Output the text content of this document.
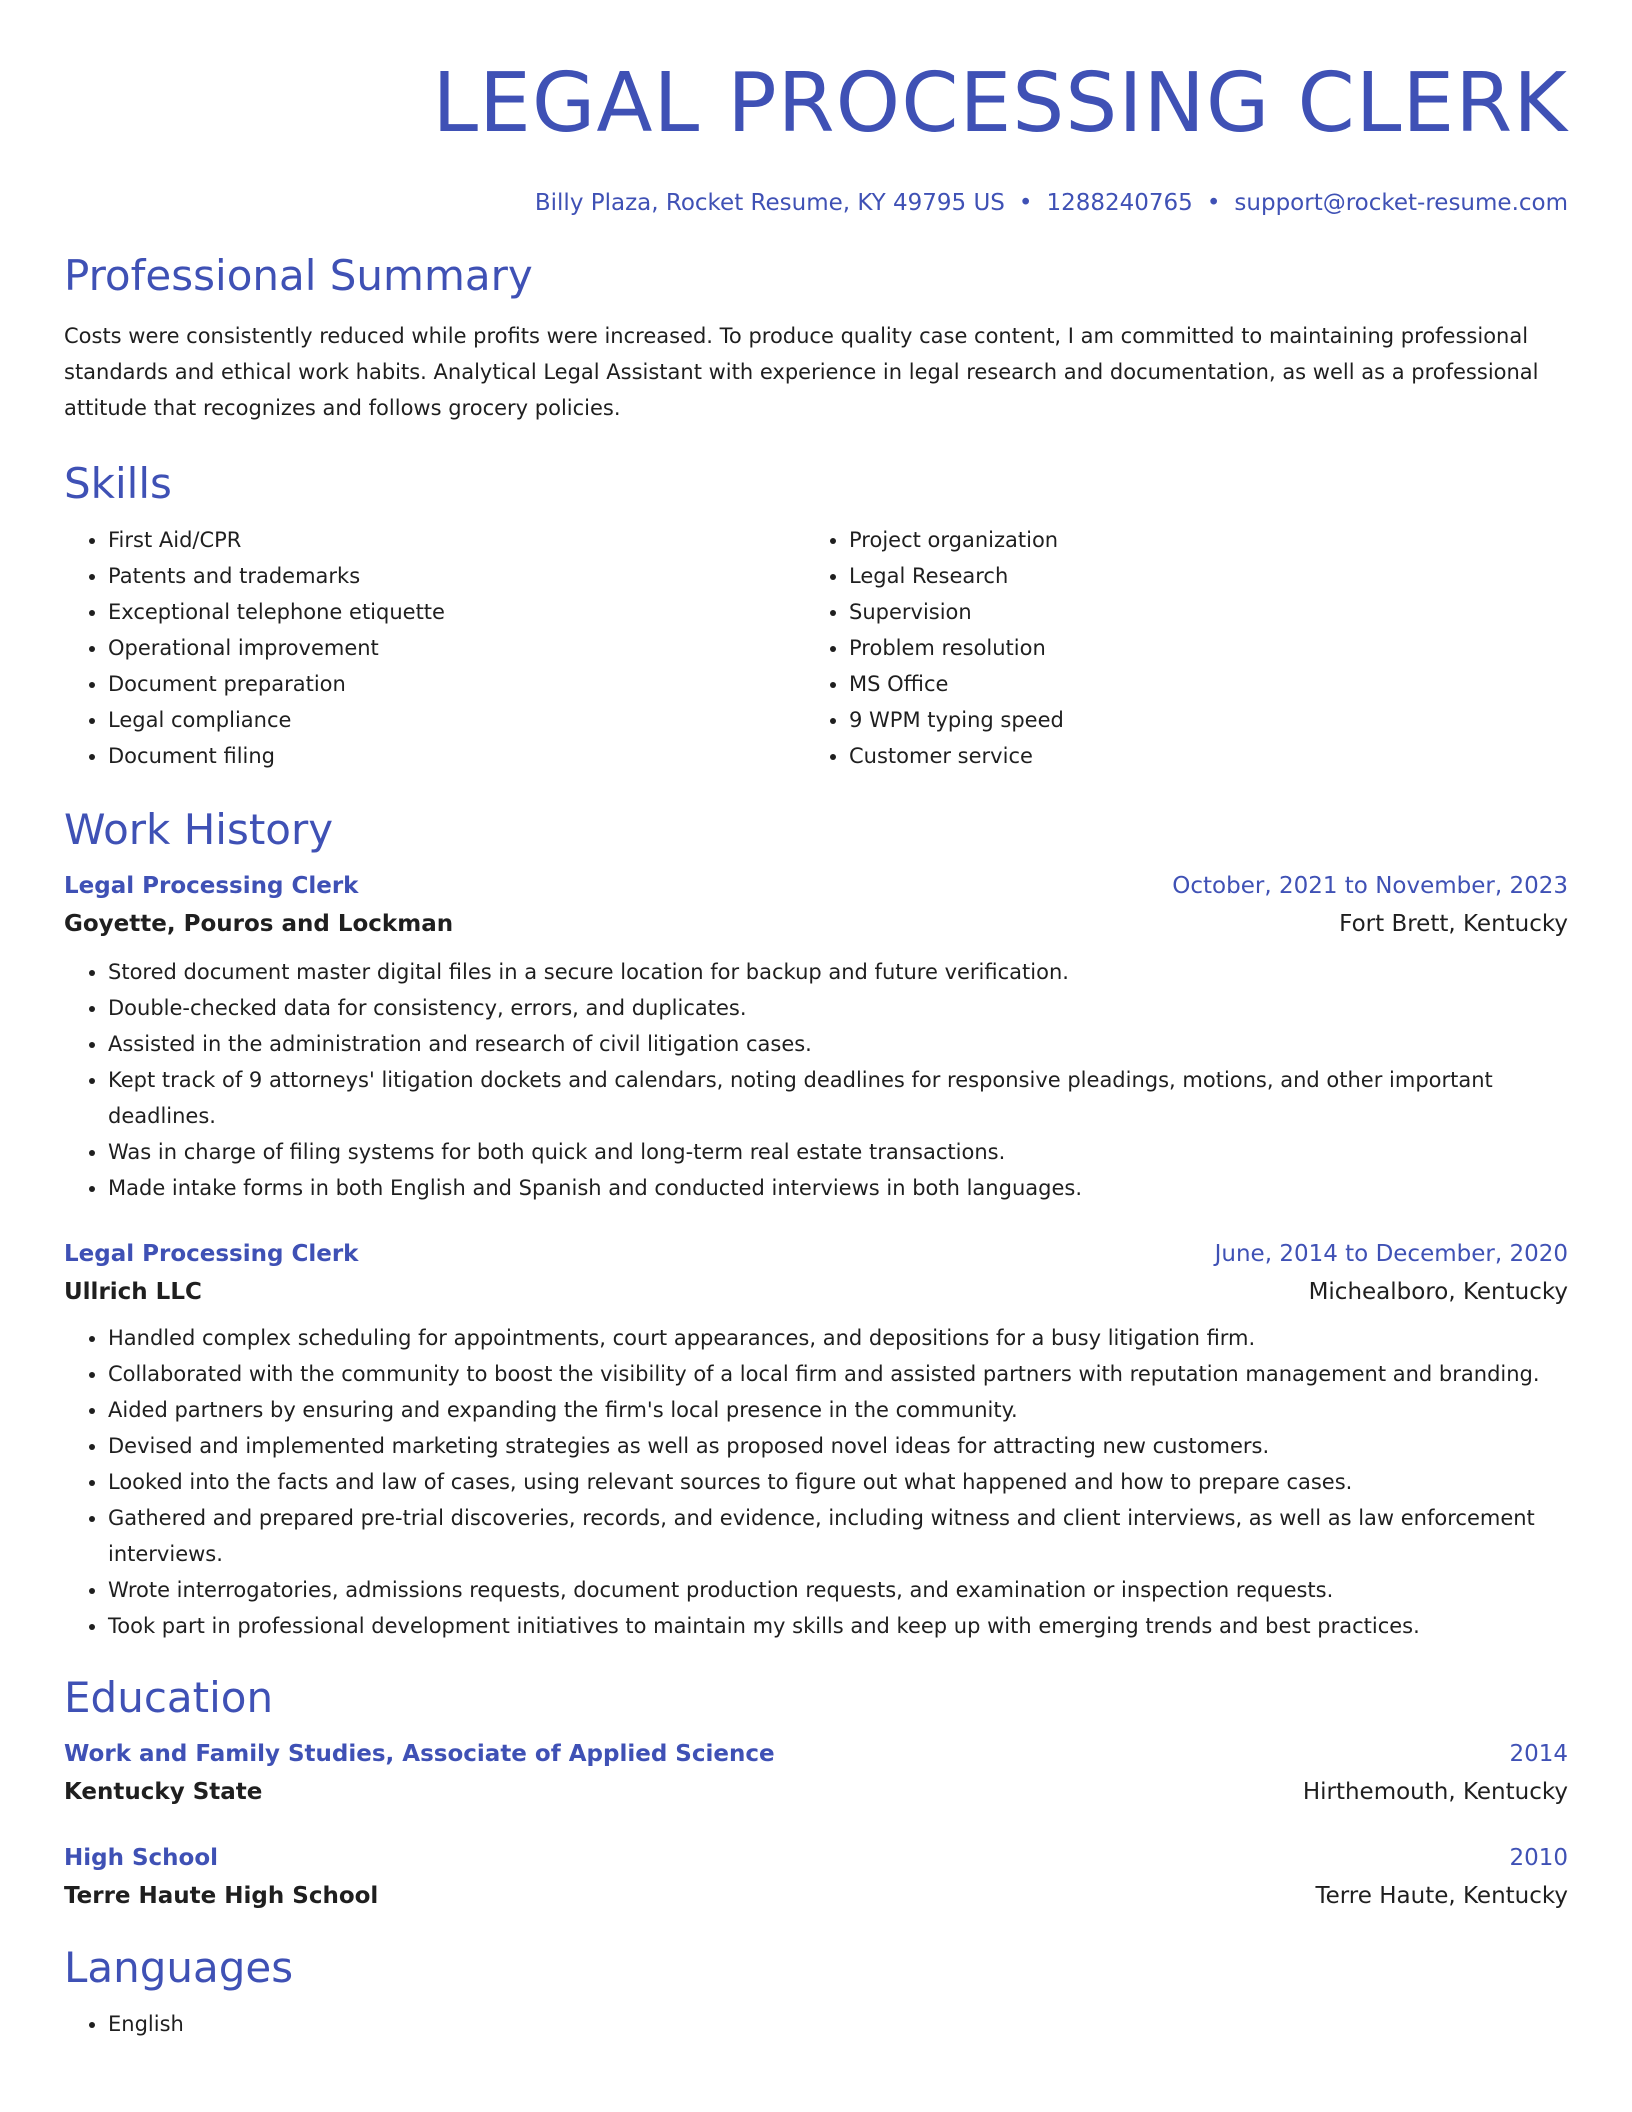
LEGAL PROCESSING CLERK
Billy Plaza, Rocket Resume, KY 49795 US • 1288240765 • support@rocket-resume.com
Professional Summary

Costs were consistently reduced while profits were increased. To produce quality case content, I am committed to maintaining professional standards and ethical work habits. Analytical Legal Assistant with experience in legal research and documentation, as well as a professional attitude that recognizes and follows grocery policies.

Skills
• First Aid/CPR
• Patents and trademarks
• Exceptional telephone etiquette
• Operational improvement
• Document preparation
• Legal compliance
• Document filing
• Project organization
• Legal Research
• Supervision
• Problem resolution
• MS Office
• 9 WPM typing speed
• Customer service
Work History
Legal Processing Clerk	October, 2021 to November, 2023
Goyette, Pouros and Lockman	Fort Brett, Kentucky
• Stored document master digital files in a secure location for backup and future verification.
• Double-checked data for consistency, errors, and duplicates.
• Assisted in the administration and research of civil litigation cases.
• Kept track of 9 attorneys' litigation dockets and calendars, noting deadlines for responsive pleadings, motions, and other important deadlines.
• Was in charge of filing systems for both quick and long-term real estate transactions.
• Made intake forms in both English and Spanish and conducted interviews in both languages.
Legal Processing Clerk	June, 2014 to December, 2020
Ullrich LLC	Michealboro, Kentucky
• Handled complex scheduling for appointments, court appearances, and depositions for a busy litigation firm.
• Collaborated with the community to boost the visibility of a local firm and assisted partners with reputation management and branding.
• Aided partners by ensuring and expanding the firm's local presence in the community.
• Devised and implemented marketing strategies as well as proposed novel ideas for attracting new customers.
• Looked into the facts and law of cases, using relevant sources to figure out what happened and how to prepare cases.
• Gathered and prepared pre-trial discoveries, records, and evidence, including witness and client interviews, as well as law enforcement interviews.
• Wrote interrogatories, admissions requests, document production requests, and examination or inspection requests.
• Took part in professional development initiatives to maintain my skills and keep up with emerging trends and best practices.
Education
Work and Family Studies, Associate of Applied Science	2014
Kentucky State	Hirthemouth, Kentucky
High School	2010
Terre Haute High School	Terre Haute, Kentucky
Languages
• English
